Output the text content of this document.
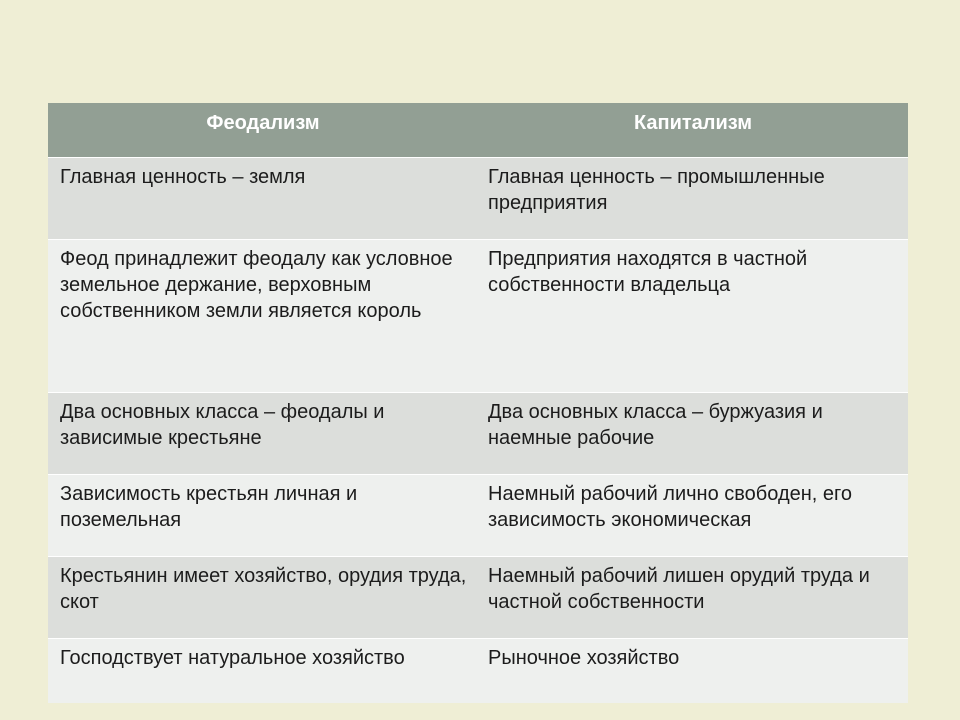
Феодализм	Капитализм
Главная ценность – земля	Главная ценность – промышленные предприятия
Феод принадлежит феодалу как условное земельное держание, верховным собственником земли является король	Предприятия находятся в частной собственности владельца
Два основных класса – феодалы и зависимые крестьяне	Два основных класса – буржуазия и наемные рабочие
Зависимость крестьян личная и поземельная	Наемный рабочий лично свободен, его зависимость экономическая
Крестьянин имеет хозяйство, орудия труда, скот	Наемный рабочий лишен орудий труда и частной собственности
Господствует натуральное хозяйство	Рыночное хозяйство
